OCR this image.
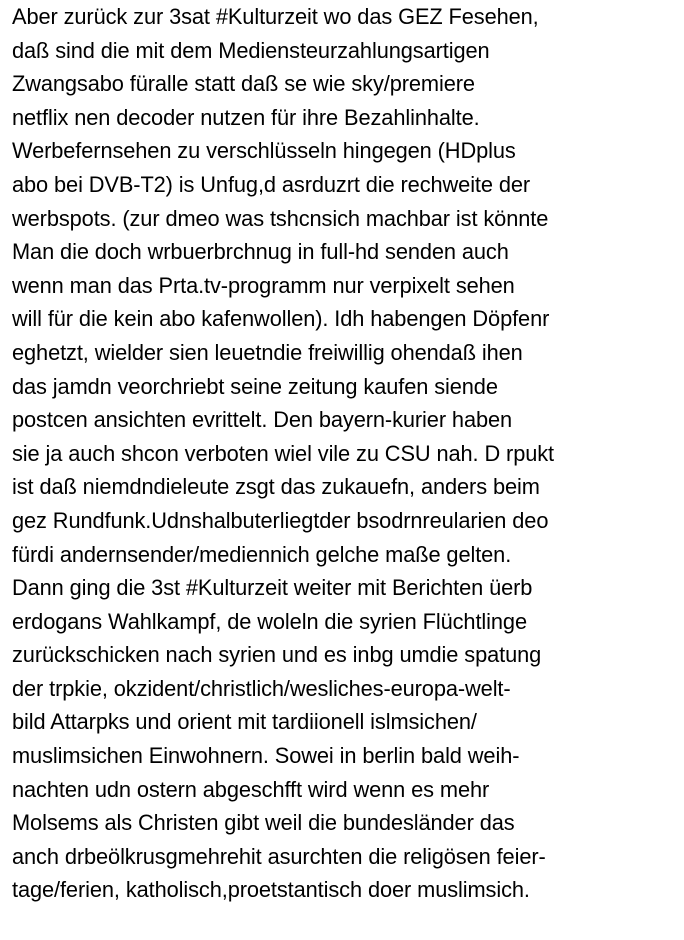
Aber zurück zur 3sat #Kulturzeit wo das GEZ Fesehen,
daß sind die mit dem Mediensteurzahlungsartigen
Zwangsabo füralle statt daß se wie sky/premiere
netflix nen decoder nutzen für ihre Bezahlinhalte.
Werbefernsehen zu verschlüsseln hingegen (HDplus
abo bei DVB-T2) is Unfug,d asrduzrt die rechweite der
werbspots. (zur dmeo was tshcnsich machbar ist könnte
Man die doch wrbuerbrchnug in full-hd senden auch
wenn man das Prta.tv-programm nur verpixelt sehen
will für die kein abo kafenwollen). Idh habengen Döpfenr
eghetzt, wielder sien leuetndie freiwillig ohendaß ihen
das jamdn veorchriebt seine zeitung kaufen siende
postcen ansichten evrittelt. Den bayern-kurier haben
sie ja auch shcon verboten wiel vile zu CSU nah. D rpukt
ist daß niemdndieleute zsgt das zukauefn, anders beim
gez Rundfunk.Udnshalbuterliegtder bsodrnreularien deo
fürdi andernsender/mediennich gelche maße gelten.
Dann ging die 3st #Kulturzeit weiter mit Berichten üerb
erdogans Wahlkampf, de woleln die syrien Flüchtlinge
zurückschicken nach syrien und es inbg umdie spatung
der trpkie, okzident/christlich/wesliches-europa-welt-
bild Attarpks und orient mit tardiionell islmsichen/
muslimsichen Einwohnern. Sowei in berlin bald weih-
nachten udn ostern abgeschfft wird wenn es mehr
Molsems als Christen gibt weil die bundesländer das
anch drbeölkrusgmehrehit asurchten die religösen feier-
tage/ferien, katholisch,proetstantisch doer muslimsich.
